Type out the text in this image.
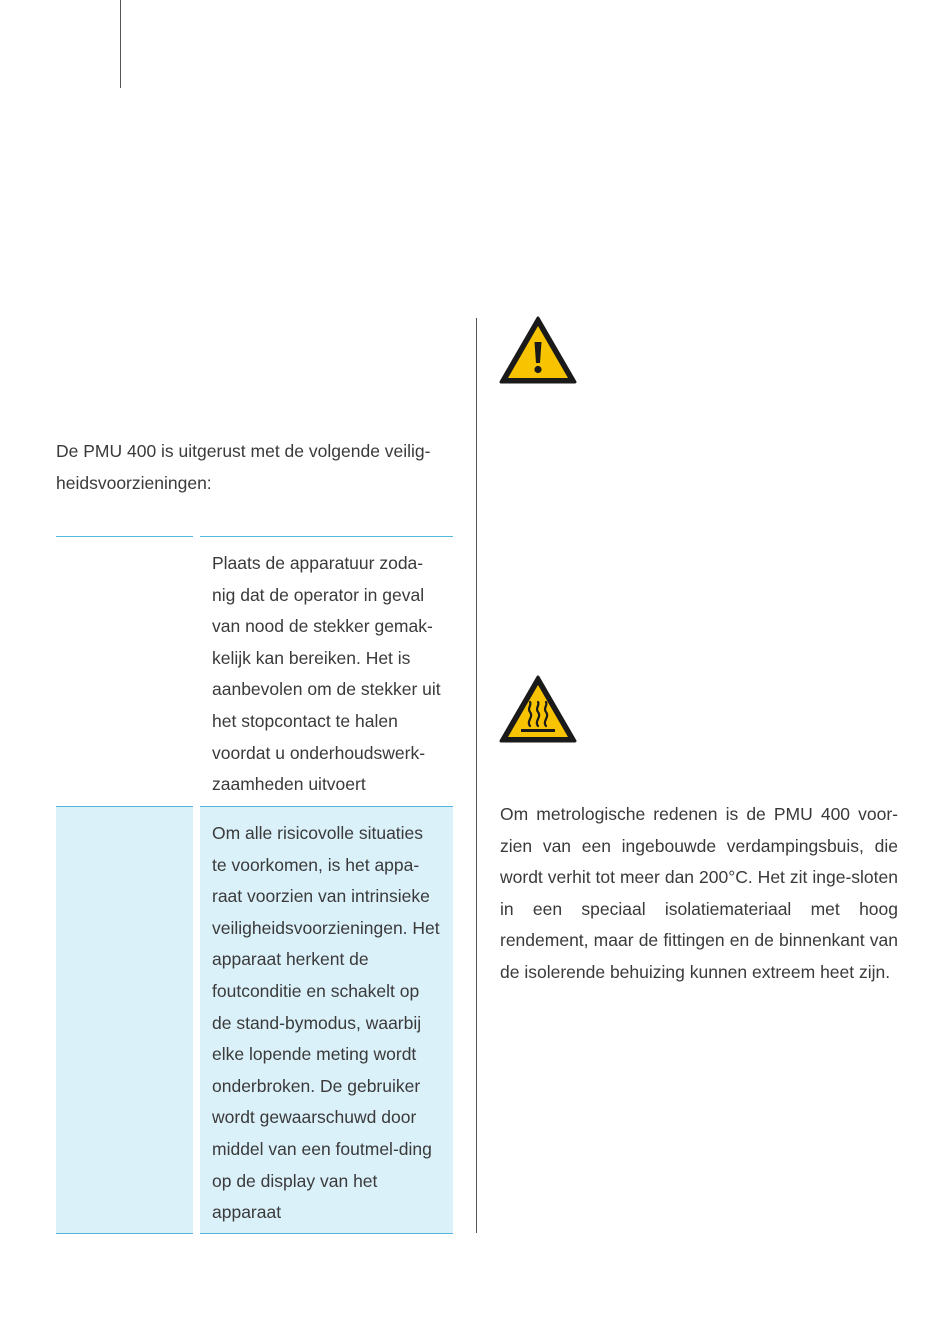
De PMU 400 is uitgerust met de volgende veilig-heidsvoorzieningen:

Plaats de apparatuur zoda-nig dat de operator in geval van nood de stekker gemak-kelijk kan bereiken. Het is aanbevolen om de stekker uit het stopcontact te halen voordat u onderhoudswerk-zaamheden uitvoert
Om alle risicovolle situaties te voorkomen, is het appa-raat voorzien van intrinsieke veiligheidsvoorzieningen. Het apparaat herkent de foutconditie en schakelt op de stand-bymodus, waarbij elke lopende meting wordt onderbroken. De gebruiker wordt gewaarschuwd door middel van een foutmel-ding op de display van het apparaat

Om metrologische redenen is de PMU 400 voor-zien van een ingebouwde verdampingsbuis, die wordt verhit tot meer dan 200°C. Het zit inge-sloten in een speciaal isolatiemateriaal met hoog rendement, maar de fittingen en de binnenkant van de isolerende behuizing kunnen extreem heet zijn.
